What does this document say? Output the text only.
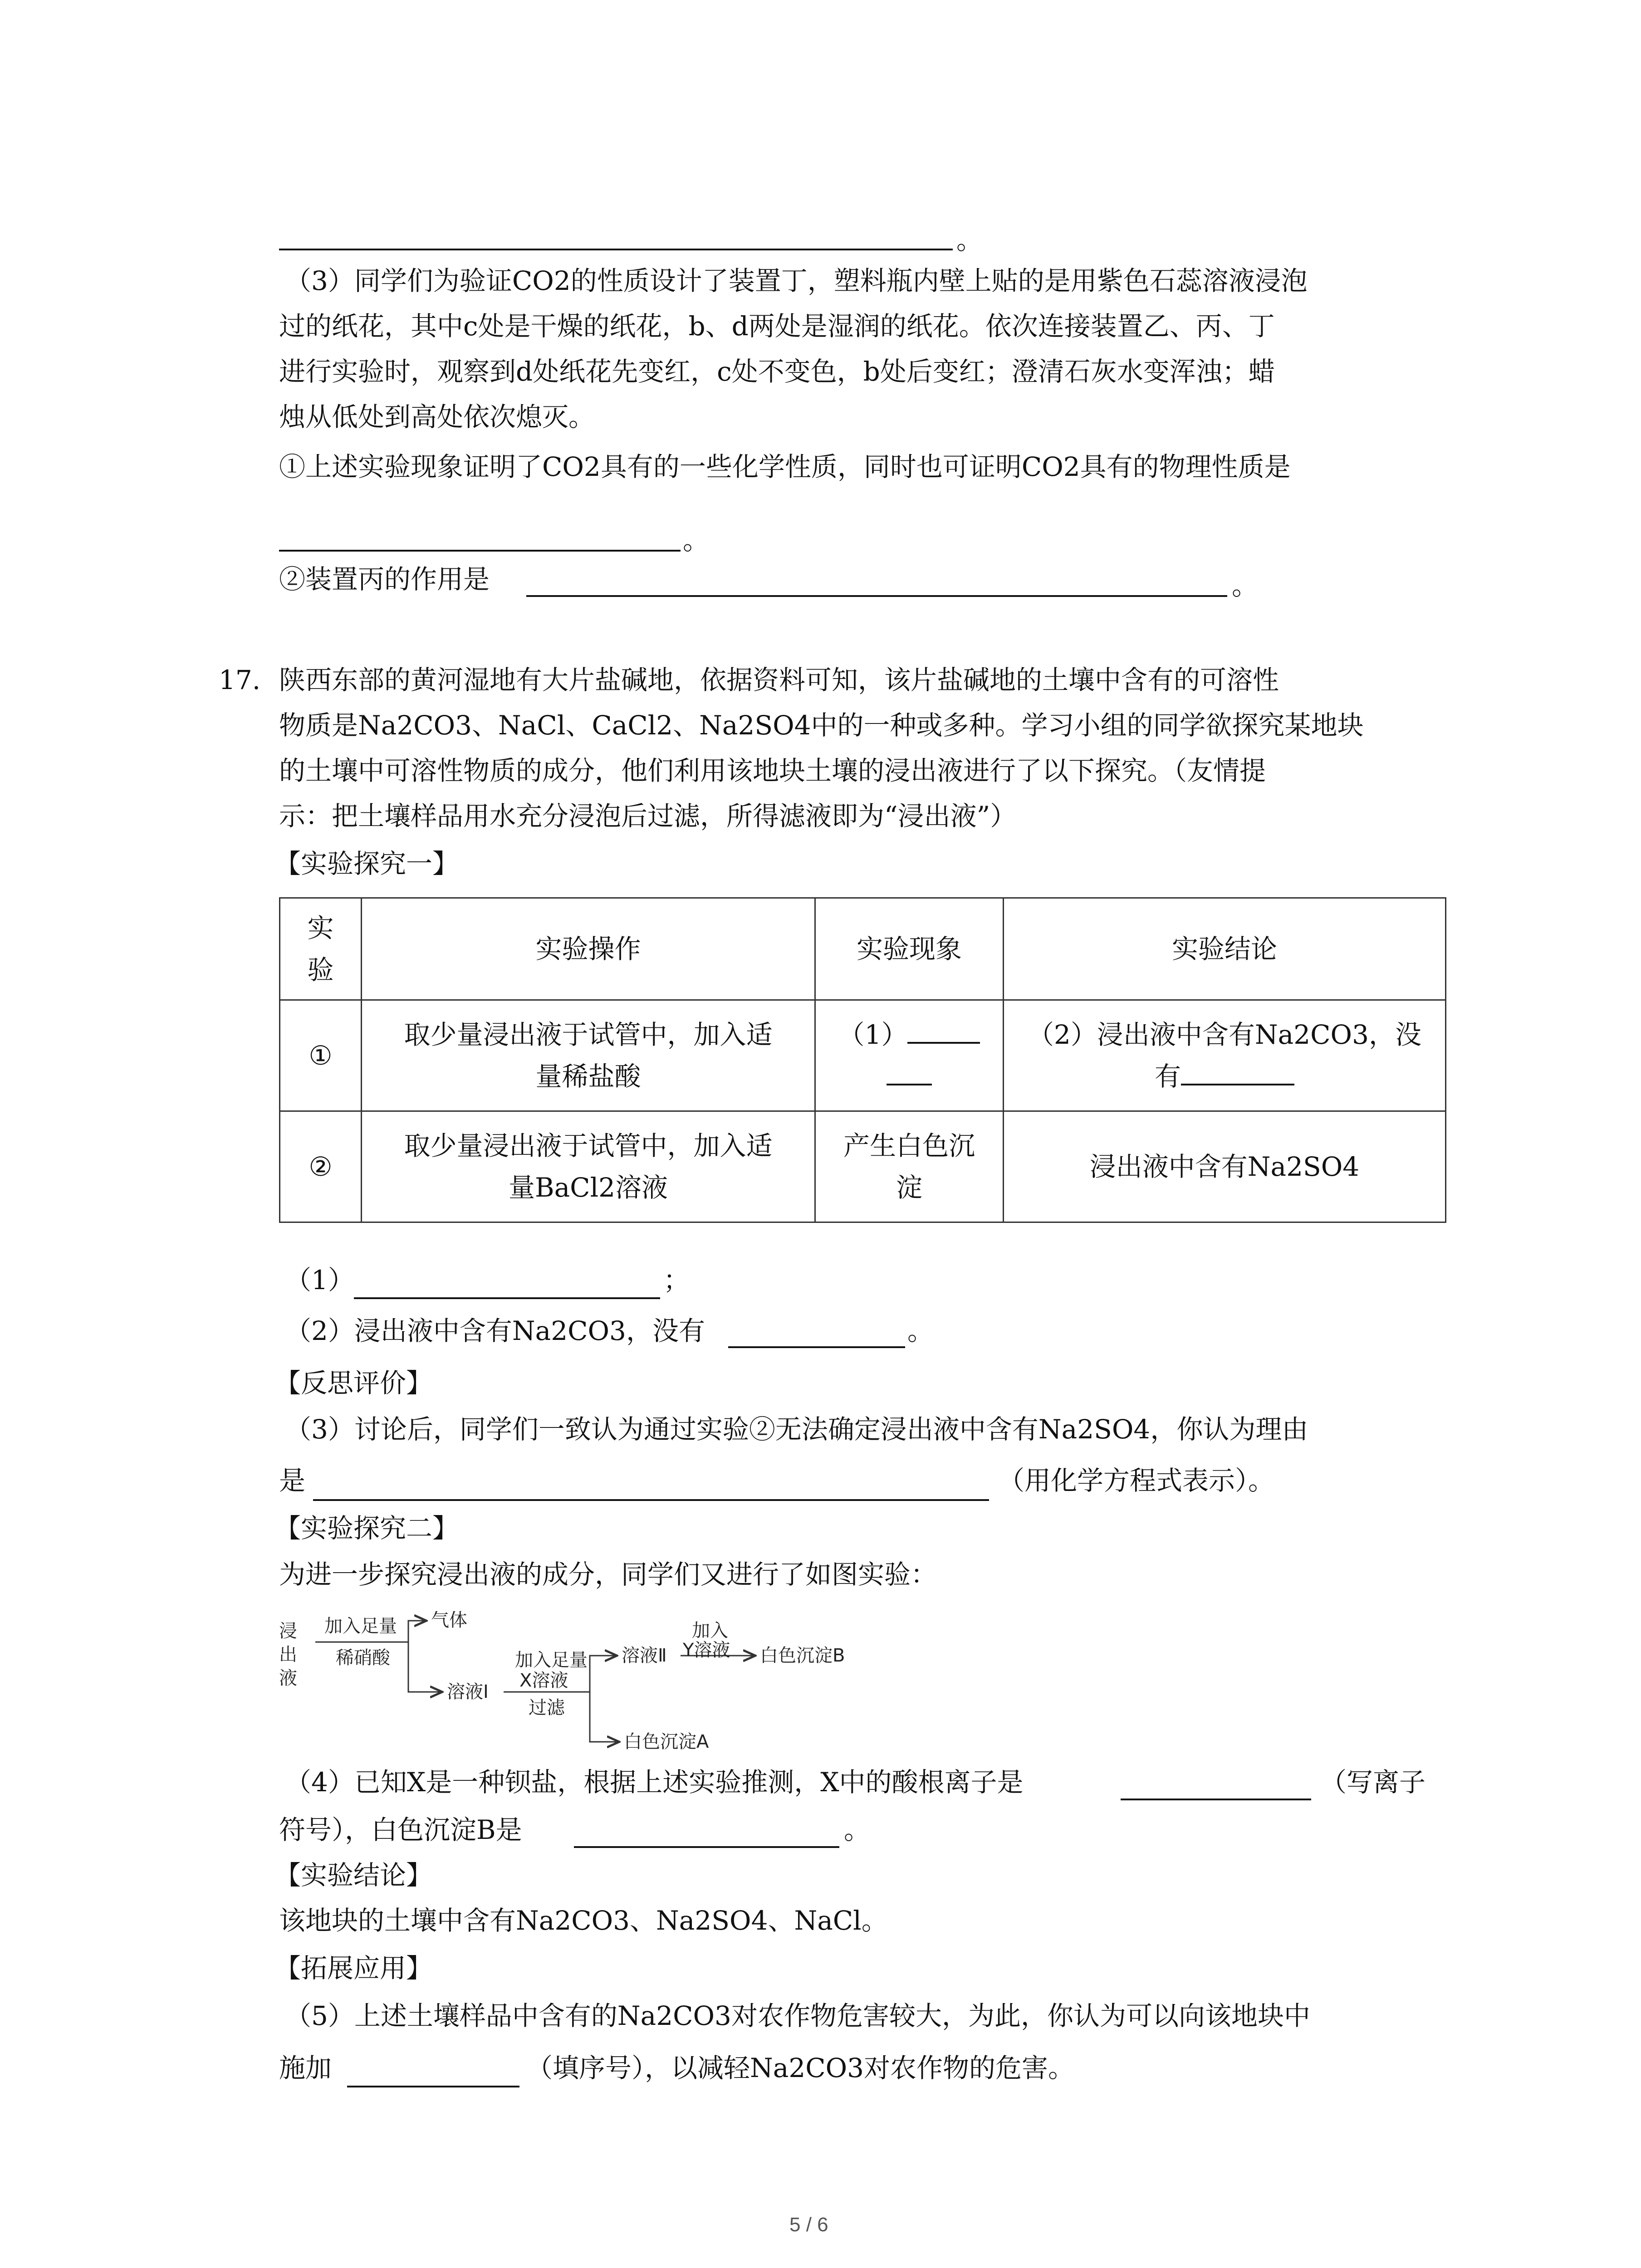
。
（3）同学们为验证CO2的性质设计了装置丁，塑料瓶内壁上贴的是用紫色石蕊溶液浸泡
过的纸花，其中c处是干燥的纸花，b、d两处是湿润的纸花。依次连接装置乙、丙、丁
进行实验时，观察到d处纸花先变红，c处不变色，b处后变红；澄清石灰水变浑浊；蜡
烛从低处到高处依次熄灭。
①上述实验现象证明了CO2具有的一些化学性质，同时也可证明CO2具有的物理性质是
。
②装置丙的作用是	。
17. 陕西东部的黄河湿地有大片盐碱地，依据资料可知，该片盐碱地的土壤中含有的可溶性
物质是Na2CO3、NaCl、CaCl2、Na2SO4中的一种或多种。学习小组的同学欲探究某地块
的土壤中可溶性物质的成分，他们利用该地块土壤的浸出液进行了以下探究。（友情提
示：把土壤样品用水充分浸泡后过滤，所得滤液即为“浸出液”）
【实验探究一】
实验	实验操作	实验现象	实验结论
①	取少量浸出液于试管中，加入适量稀盐酸	（1）	（2）浸出液中含有Na2CO3，没
有
②	取少量浸出液于试管中，加入适量BaCl2溶液	产生白色沉淀	浸出液中含有Na2SO4
（1）	；
（2）浸出液中含有Na2CO3，没有	。
【反思评价】
（3）讨论后，同学们一致认为通过实验②无法确定浸出液中含有Na2SO4，你认为理由
是	（用化学方程式表示）。
【实验探究二】
为进一步探究浸出液的成分，同学们又进行了如图实验：
浸出液
加入足量
稀硝酸
气体
溶液Ⅰ
加入足量
X溶液
过滤
溶液Ⅱ
加入
Y溶液 白色沉淀B
白色沉淀A
（4）已知X是一种钡盐，根据上述实验推测，X中的酸根离子是	（写离子
符号），白色沉淀B是	。
【实验结论】
该地块的土壤中含有Na2CO3、Na2SO4、NaCl。
【拓展应用】
（5）上述土壤样品中含有的Na2CO3对农作物危害较大，为此，你认为可以向该地块中
施加	（填序号），以减轻Na2CO3对农作物的危害。
5 / 6
